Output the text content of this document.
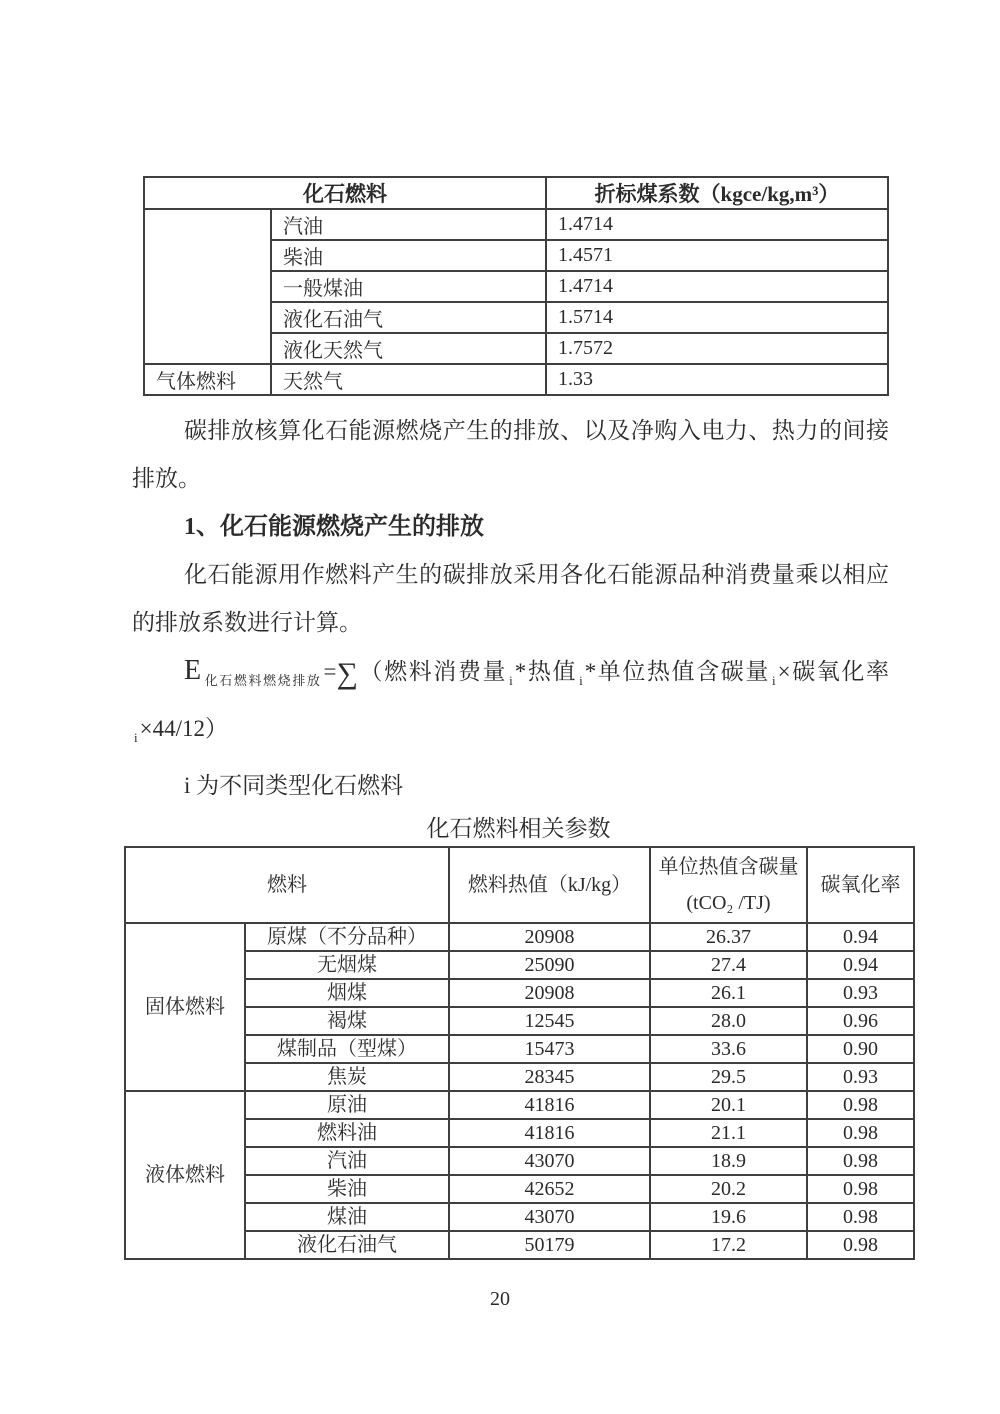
化石燃料		折标煤系数（kgce/kg,m³）
	汽油	1.4714
	柴油	1.4571
	一般煤油	1.4714
	液化石油气	1.5714
	液化天然气	1.7572
气体燃料	天然气	1.33

碳排放核算化石能源燃烧产生的排放、以及净购入电力、热力的间接排放。

1、化石能源燃烧产生的排放

化石能源用作燃料产生的碳排放采用各化石能源品种消费量乘以相应的排放系数进行计算。

E $_{化石燃料燃烧排放}$=∑（燃料消费量 $_i$*热值 $_i$*单位热值含碳量 $_i$×碳氧化率$_i$×44/12）

i 为不同类型化石燃料

化石燃料相关参数
燃料		燃料热值（kJ/kg）	单位热值含碳量(tCO₂ /TJ)	碳氧化率
固体燃料	原煤（不分品种）	20908	26.37	0.94
	无烟煤	25090	27.4	0.94
	烟煤	20908	26.1	0.93
	褐煤	12545	28.0	0.96
	煤制品（型煤）	15473	33.6	0.90
	焦炭	28345	29.5	0.93
液体燃料	原油	41816	20.1	0.98
	燃料油	41816	21.1	0.98
	汽油	43070	18.9	0.98
	柴油	42652	20.2	0.98
	煤油	43070	19.6	0.98
	液化石油气	50179	17.2	0.98
20
